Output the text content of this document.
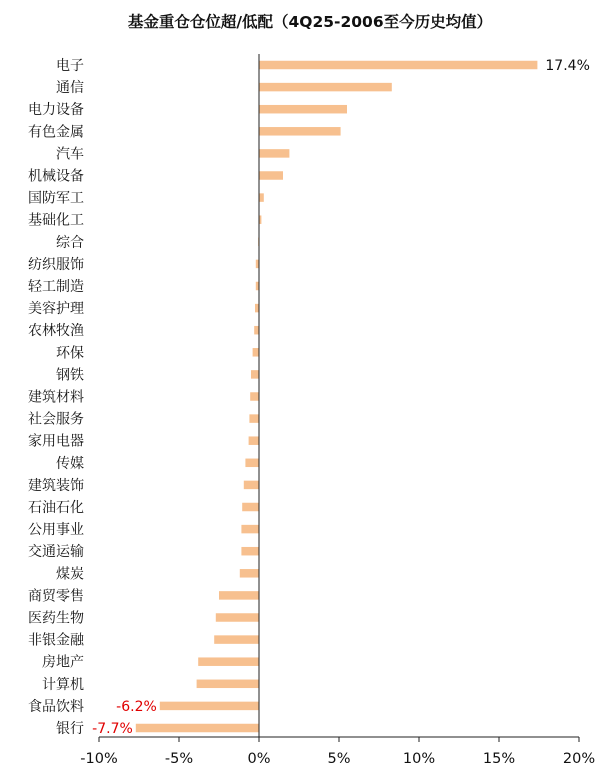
基金重仓仓位超/低配（4Q25-2006至今历史均值）
电子	17.4%
通信
电力设备
有色金属
汽车
机械设备
国防军工
基础化工
综合
纺织服饰
轻工制造
美容护理
农林牧渔
环保
钢铁
建筑材料
社会服务
家用电器
传媒
建筑装饰
石油石化
公用事业
交通运输
煤炭
商贸零售
医药生物
非银金融
房地产
计算机
食品饮料 -6.2%
银行 -7.7%
-10%	-5%	0%	5%	10%	15%	20%
